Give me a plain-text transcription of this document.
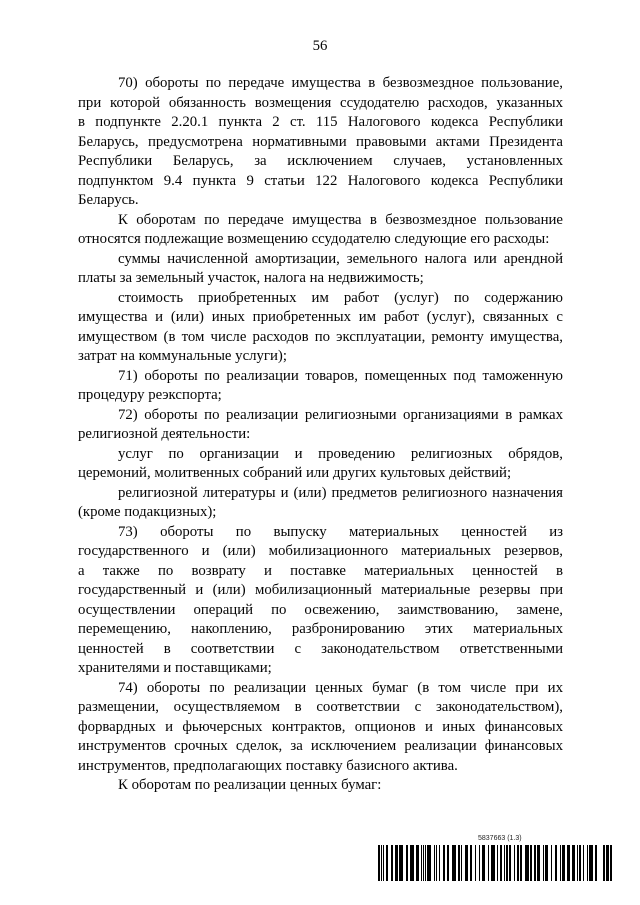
56
70) обороты по передаче имущества в безвозмездное пользование,
при которой обязанность возмещения ссудодателю расходов, указанных
в подпункте 2.20.1 пункта 2 ст. 115 Налогового кодекса Республики
Беларусь, предусмотрена нормативными правовыми актами Президента
Республики Беларусь, за исключением случаев, установленных
подпунктом 9.4 пункта 9 статьи 122 Налогового кодекса Республики
Беларусь.
К оборотам по передаче имущества в безвозмездное пользование
относятся подлежащие возмещению ссудодателю следующие его расходы:
суммы начисленной амортизации, земельного налога или арендной
платы за земельный участок, налога на недвижимость;
стоимость приобретенных им работ (услуг) по содержанию
имущества и (или) иных приобретенных им работ (услуг), связанных с
имуществом (в том числе расходов по эксплуатации, ремонту имущества,
затрат на коммунальные услуги);
71) обороты по реализации товаров, помещенных под таможенную
процедуру реэкспорта;
72) обороты по реализации религиозными организациями в рамках
религиозной деятельности:
услуг по организации и проведению религиозных обрядов,
церемоний, молитвенных собраний или других культовых действий;
религиозной литературы и (или) предметов религиозного назначения
(кроме подакцизных);
73) обороты по выпуску материальных ценностей из
государственного и (или) мобилизационного материальных резервов,
а также по возврату и поставке материальных ценностей в
государственный и (или) мобилизационный материальные резервы при
осуществлении операций по освежению, заимствованию, замене,
перемещению, накоплению, разбронированию этих материальных
ценностей в соответствии с законодательством ответственными
хранителями и поставщиками;
74) обороты по реализации ценных бумаг (в том числе при их
размещении, осуществляемом в соответствии с законодательством),
форвардных и фьючерсных контрактов, опционов и иных финансовых
инструментов срочных сделок, за исключением реализации финансовых
инструментов, предполагающих поставку базисного актива.
К оборотам по реализации ценных бумаг:
5837663 (1.3)
